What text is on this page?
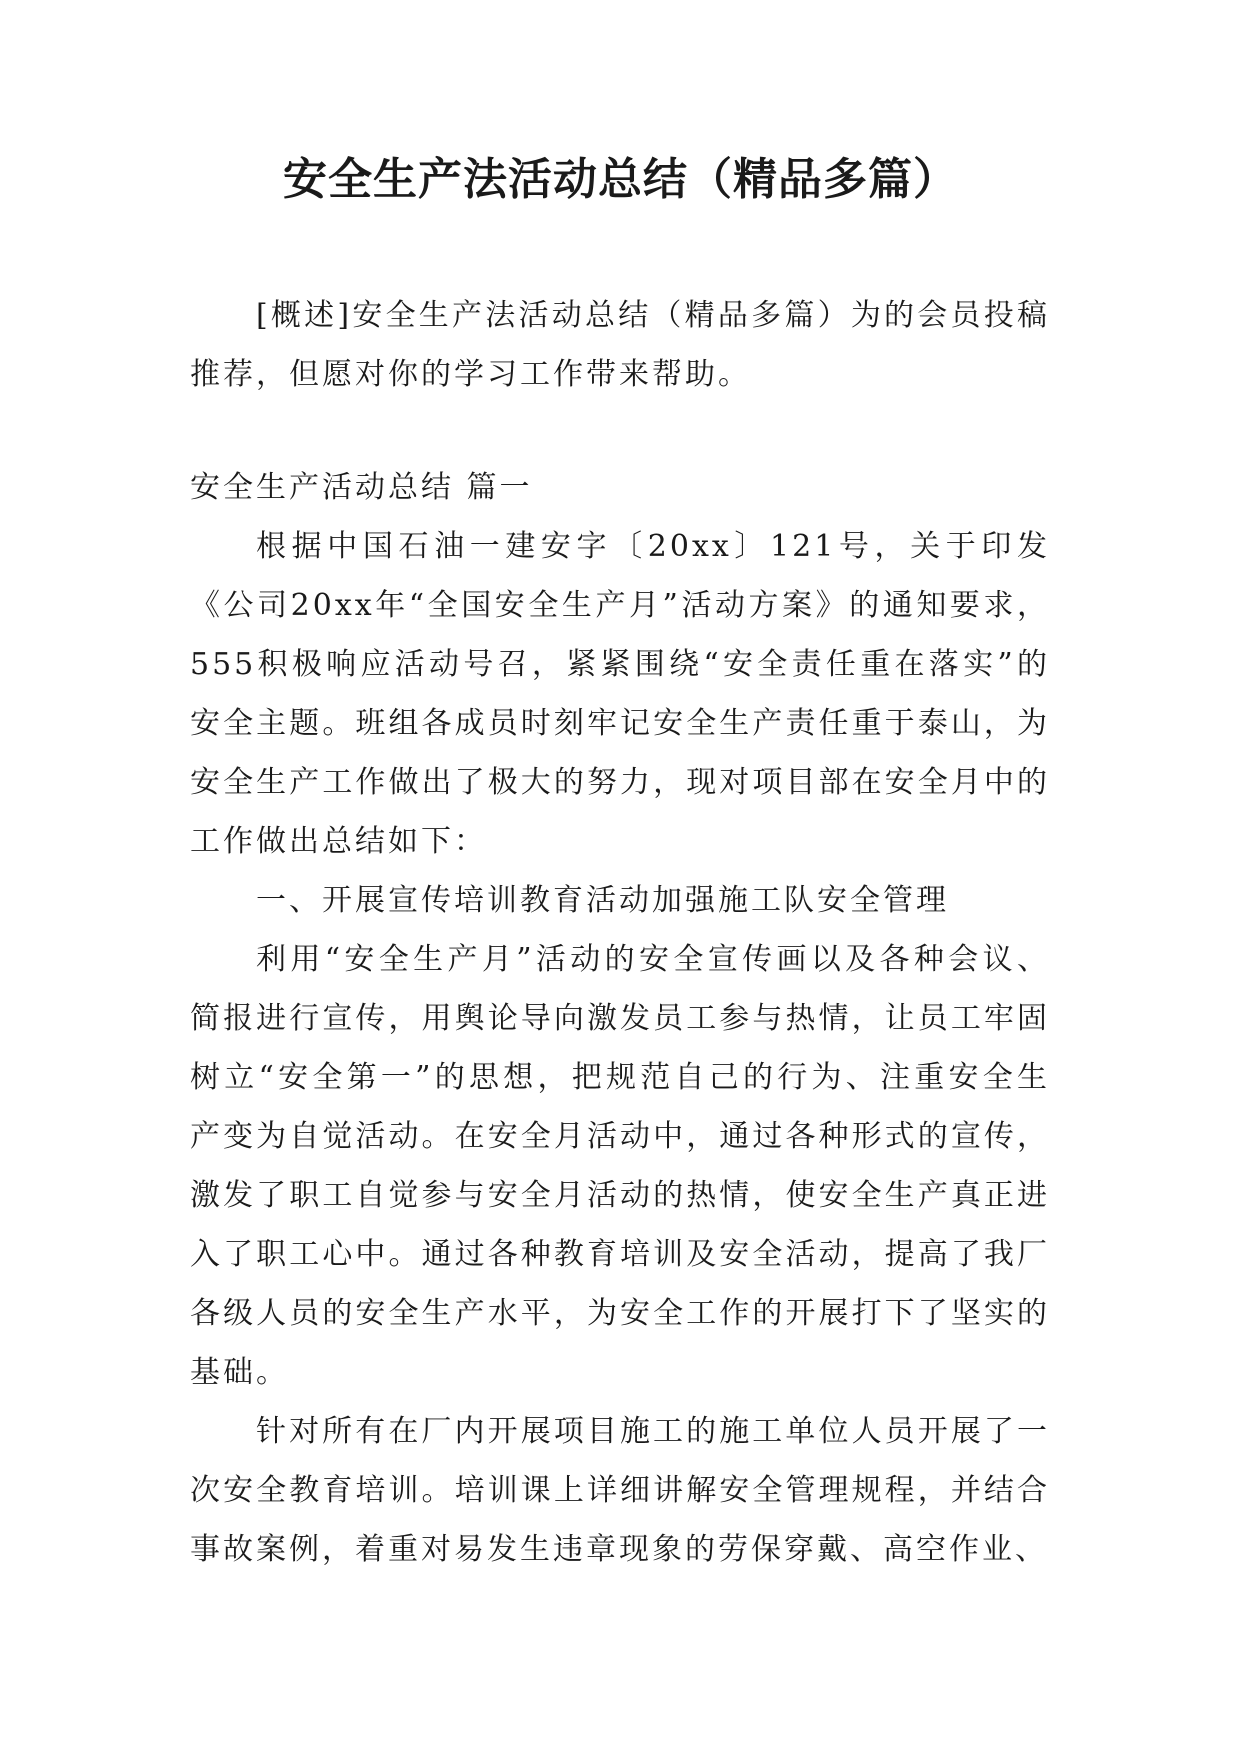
安全生产法活动总结（精品多篇）

[概述]安全生产法活动总结（精品多篇）为的会员投稿推荐，但愿对你的学习工作带来帮助。

安全生产活动总结 篇一

根据中国石油一建安字〔20xx〕121号，关于印发《公司20xx年“全国安全生产月”活动方案》的通知要求，555积极响应活动号召，紧紧围绕“安全责任重在落实”的安全主题。班组各成员时刻牢记安全生产责任重于泰山，为安全生产工作做出了极大的努力，现对项目部在安全月中的工作做出总结如下：

一、开展宣传培训教育活动加强施工队安全管理

利用“安全生产月”活动的安全宣传画以及各种会议、简报进行宣传，用舆论导向激发员工参与热情，让员工牢固树立“安全第一”的思想，把规范自己的行为、注重安全生产变为自觉活动。在安全月活动中，通过各种形式的宣传，激发了职工自觉参与安全月活动的热情，使安全生产真正进入了职工心中。通过各种教育培训及安全活动，提高了我厂各级人员的安全生产水平，为安全工作的开展打下了坚实的基础。

针对所有在厂内开展项目施工的施工单位人员开展了一次安全教育培训。培训课上详细讲解安全管理规程，并结合事故案例，着重对易发生违章现象的劳保穿戴、高空作业、
